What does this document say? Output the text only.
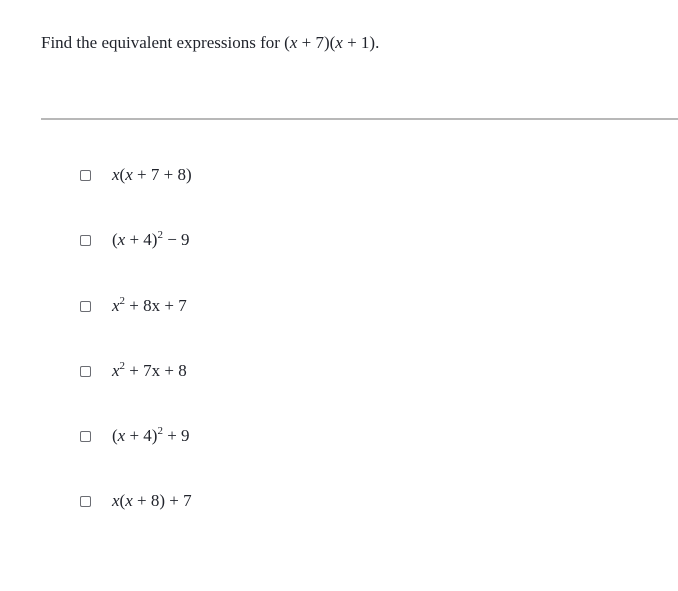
Find the equivalent expressions for (x + 7)(x + 1).
x(x + 7 + 8)
$(x + 4)^2 - 9$
$x^2 + 8x + 7$
$x^2 + 7x + 8$
$(x + 4)^2 + 9$
x(x + 8) + 7
